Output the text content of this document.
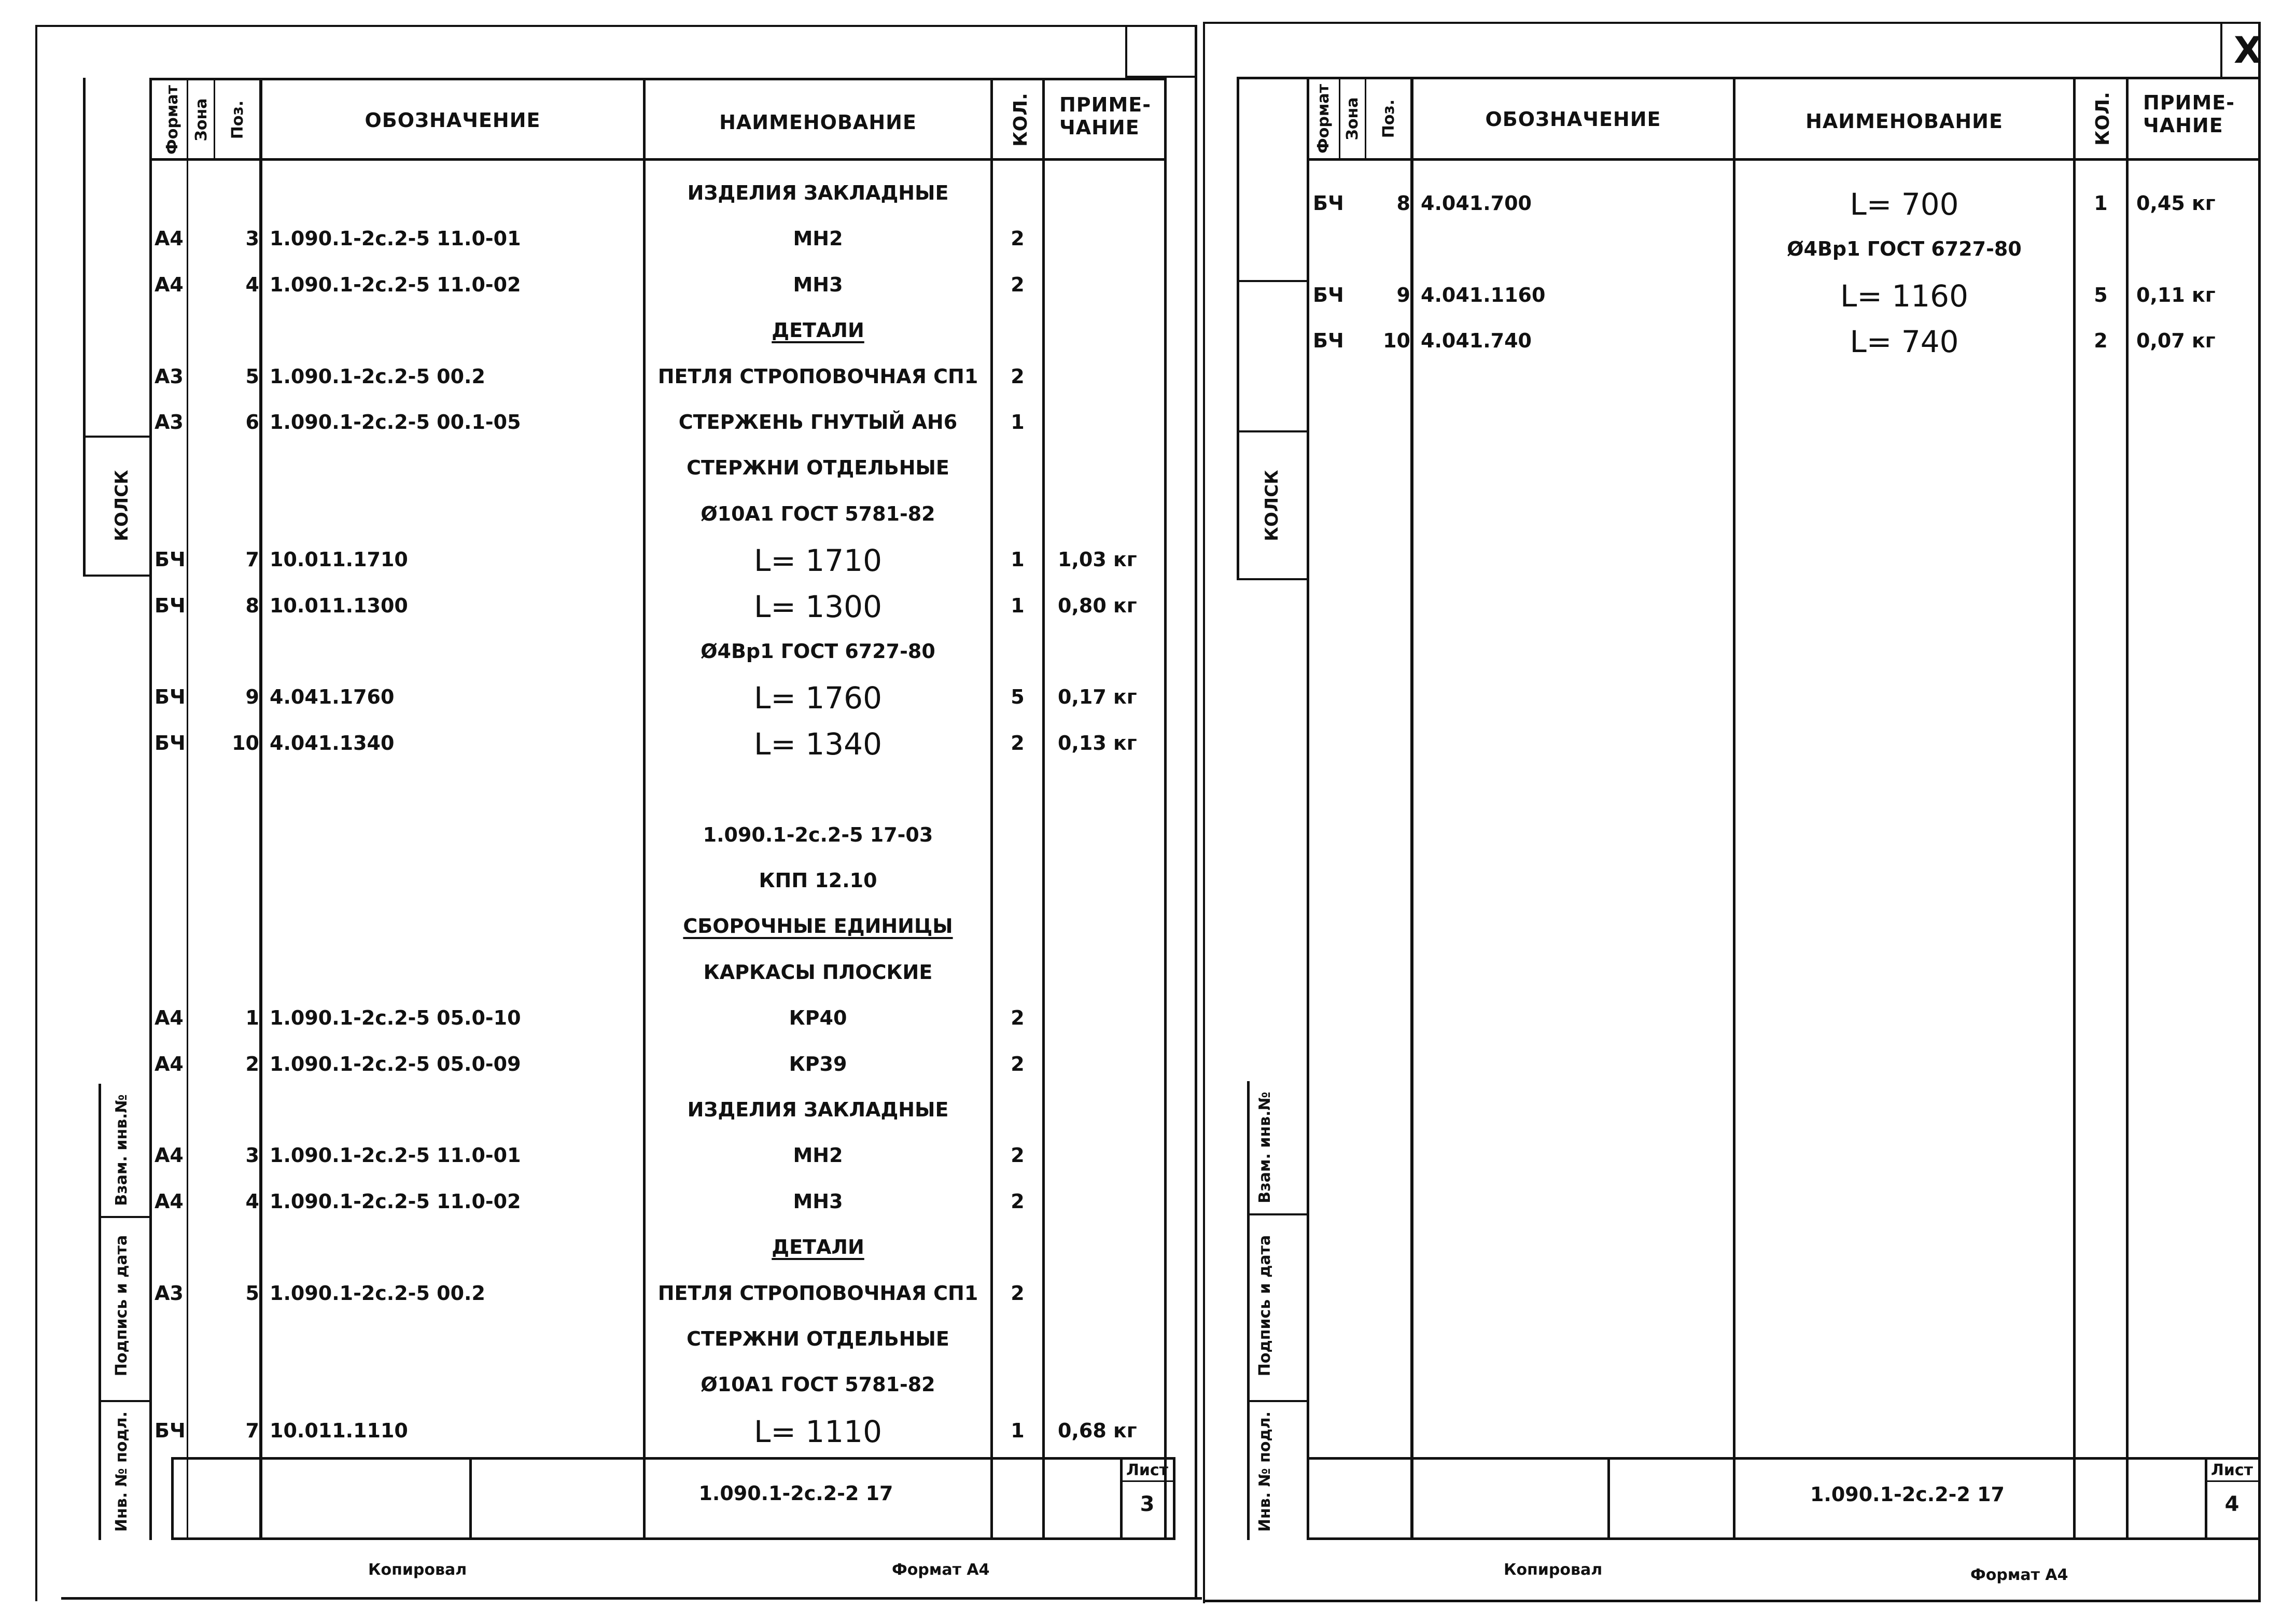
Формат Зона Поз.	ОБОЗНАЧЕНИЕ	НАИМЕНОВАНИЕ	КОЛ.	ПРИМЕ-
ЧАНИЕ
КОЛСК
Взам. инв.№
Подпись и дата
Инв. № подл.
ИЗДЕЛИЯ ЗАКЛАДНЫЕ
А4	3 1.090.1-2с.2-5 11.0-01	МН2	2
А4	4 1.090.1-2с.2-5 11.0-02	МН3	2
ДЕТАЛИ
А3	5 1.090.1-2с.2-5 00.2	ПЕТЛЯ СТРОПОВОЧНАЯ СП1	2
А3	6 1.090.1-2с.2-5 00.1-05	СТЕРЖЕНЬ ГНУТЫЙ АН6	1
СТЕРЖНИ ОТДЕЛЬНЫЕ
Ø10А1 ГОСТ 5781-82
БЧ	7 10.011.1710	L= 1710	1	1,03 кг
БЧ	8 10.011.1300	L= 1300	1	0,80 кг
Ø4Вр1 ГОСТ 6727-80
БЧ	9 4.041.1760	L= 1760	5	0,17 кг
БЧ 10 4.041.1340	L= 1340	2	0,13 кг
1.090.1-2с.2-5 17-03
КПП 12.10
СБОРОЧНЫЕ ЕДИНИЦЫ
КАРКАСЫ ПЛОСКИЕ
А4	1 1.090.1-2с.2-5 05.0-10	КР40	2
А4	2 1.090.1-2с.2-5 05.0-09	КР39	2
ИЗДЕЛИЯ ЗАКЛАДНЫЕ
А4	3 1.090.1-2с.2-5 11.0-01	МН2	2
А4	4 1.090.1-2с.2-5 11.0-02	МН3	2
ДЕТАЛИ
А3	5 1.090.1-2с.2-5 00.2	ПЕТЛЯ СТРОПОВОЧНАЯ СП1	2
СТЕРЖНИ ОТДЕЛЬНЫЕ
Ø10А1 ГОСТ 5781-82
БЧ	7 10.011.1110	L= 1110	1	0,68 кг
1.090.1-2с.2-2 17
Лист
3
Копировал	Формат А4
Х
Формат Зона Поз.	ОБОЗНАЧЕНИЕ	НАИМЕНОВАНИЕ	КОЛ.	ПРИМЕ-
ЧАНИЕ
КОЛСК
Взам. инв.№
Подпись и дата
Инв. № подл.
БЧ	8 4.041.700	L= 700	1	0,45 кг
Ø4Вр1 ГОСТ 6727-80
БЧ	9 4.041.1160	L= 1160	5	0,11 кг
БЧ	10 4.041.740	L= 740	2	0,07 кг
1.090.1-2с.2-2 17
Лист
4
Копировал	Формат А4
